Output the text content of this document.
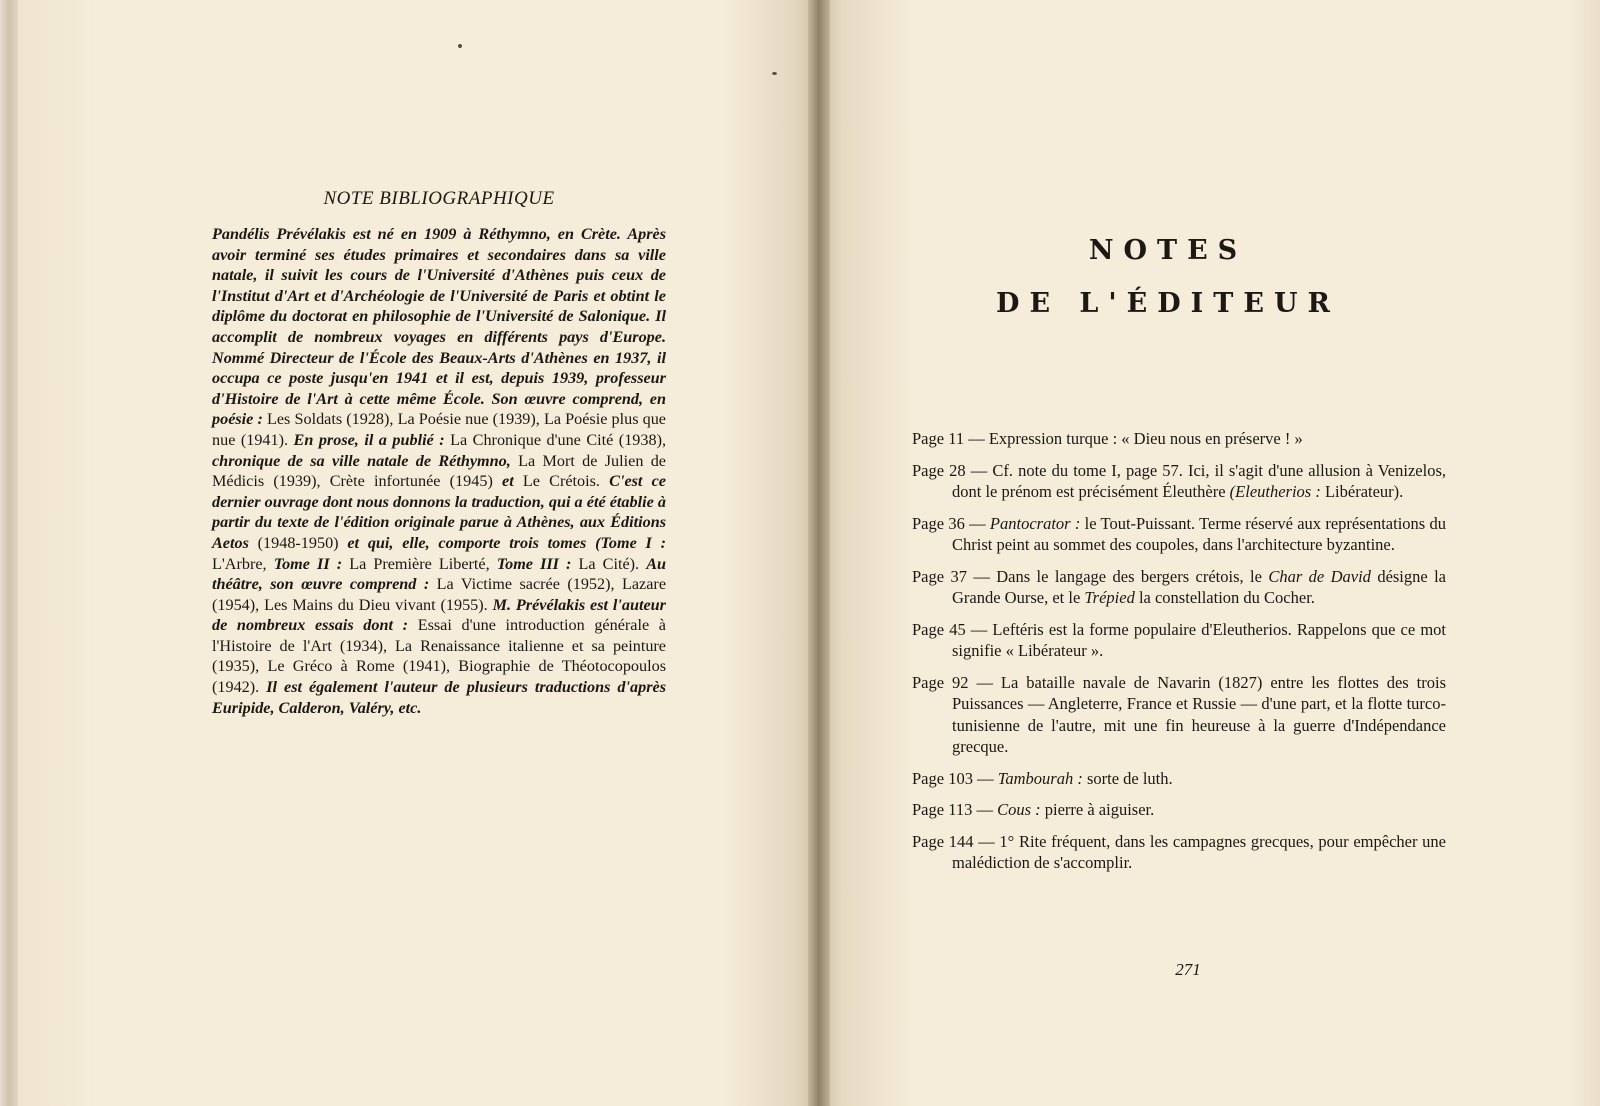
NOTE BIBLIOGRAPHIQUE

Pandélis Prévélakis est né en 1909 à Réthymno, en Crète. Après avoir terminé ses études primaires et secondaires dans sa ville natale, il suivit les cours de l'Université d'Athènes puis ceux de l'Institut d'Art et d'Archéologie de l'Université de Paris et obtint le diplôme du doctorat en philosophie de l'Université de Salonique. Il accomplit de nombreux voyages en différents pays d'Europe. Nommé Directeur de l'École des Beaux-Arts d'Athènes en 1937, il occupa ce poste jusqu'en 1941 et il est, depuis 1939, professeur d'Histoire de l'Art à cette même École. Son œuvre comprend, en poésie : Les Soldats (1928), La Poésie nue (1939), La Poésie plus que nue (1941). En prose, il a publié : La Chronique d'une Cité (1938), chronique de sa ville natale de Réthymno, La Mort de Julien de Médicis (1939), Crète infortunée (1945) et Le Crétois. C'est ce dernier ouvrage dont nous donnons la traduction, qui a été établie à partir du texte de l'édition originale parue à Athènes, aux Éditions Aetos (1948-1950) et qui, elle, comporte trois tomes (Tome I : L'Arbre, Tome II : La Première Liberté, Tome III : La Cité). Au théâtre, son œuvre comprend : La Victime sacrée (1952), Lazare (1954), Les Mains du Dieu vivant (1955). M. Prévélakis est l'auteur de nombreux essais dont : Essai d'une introduction générale à l'Histoire de l'Art (1934), La Renaissance italienne et sa peinture (1935), Le Gréco à Rome (1941), Biographie de Théotocopoulos (1942). Il est également l'auteur de plusieurs traductions d'après Euripide, Calderon, Valéry, etc.

NOTES
DE L'ÉDITEUR
Page 11 — Expression turque : « Dieu nous en préserve ! »
Page 28 — Cf. note du tome I, page 57. Ici, il s'agit d'une allusion à Venizelos, dont le prénom est précisément Éleuthère (Eleutherios : Libérateur).
Page 36 — Pantocrator : le Tout-Puissant. Terme réservé aux représentations du Christ peint au sommet des coupoles, dans l'architecture byzantine.
Page 37 — Dans le langage des bergers crétois, le Char de David désigne la Grande Ourse, et le Trépied la constellation du Cocher.
Page 45 — Leftéris est la forme populaire d'Eleutherios. Rappelons que ce mot signifie « Libérateur ».
Page 92 — La bataille navale de Navarin (1827) entre les flottes des trois Puissances — Angleterre, France et Russie — d'une part, et la flotte turco-tunisienne de l'autre, mit une fin heureuse à la guerre d'Indépendance grecque.
Page 103 — Tambourah : sorte de luth.
Page 113 — Cous : pierre à aiguiser.
Page 144 — 1° Rite fréquent, dans les campagnes grecques, pour empêcher une malédiction de s'accomplir.
271
